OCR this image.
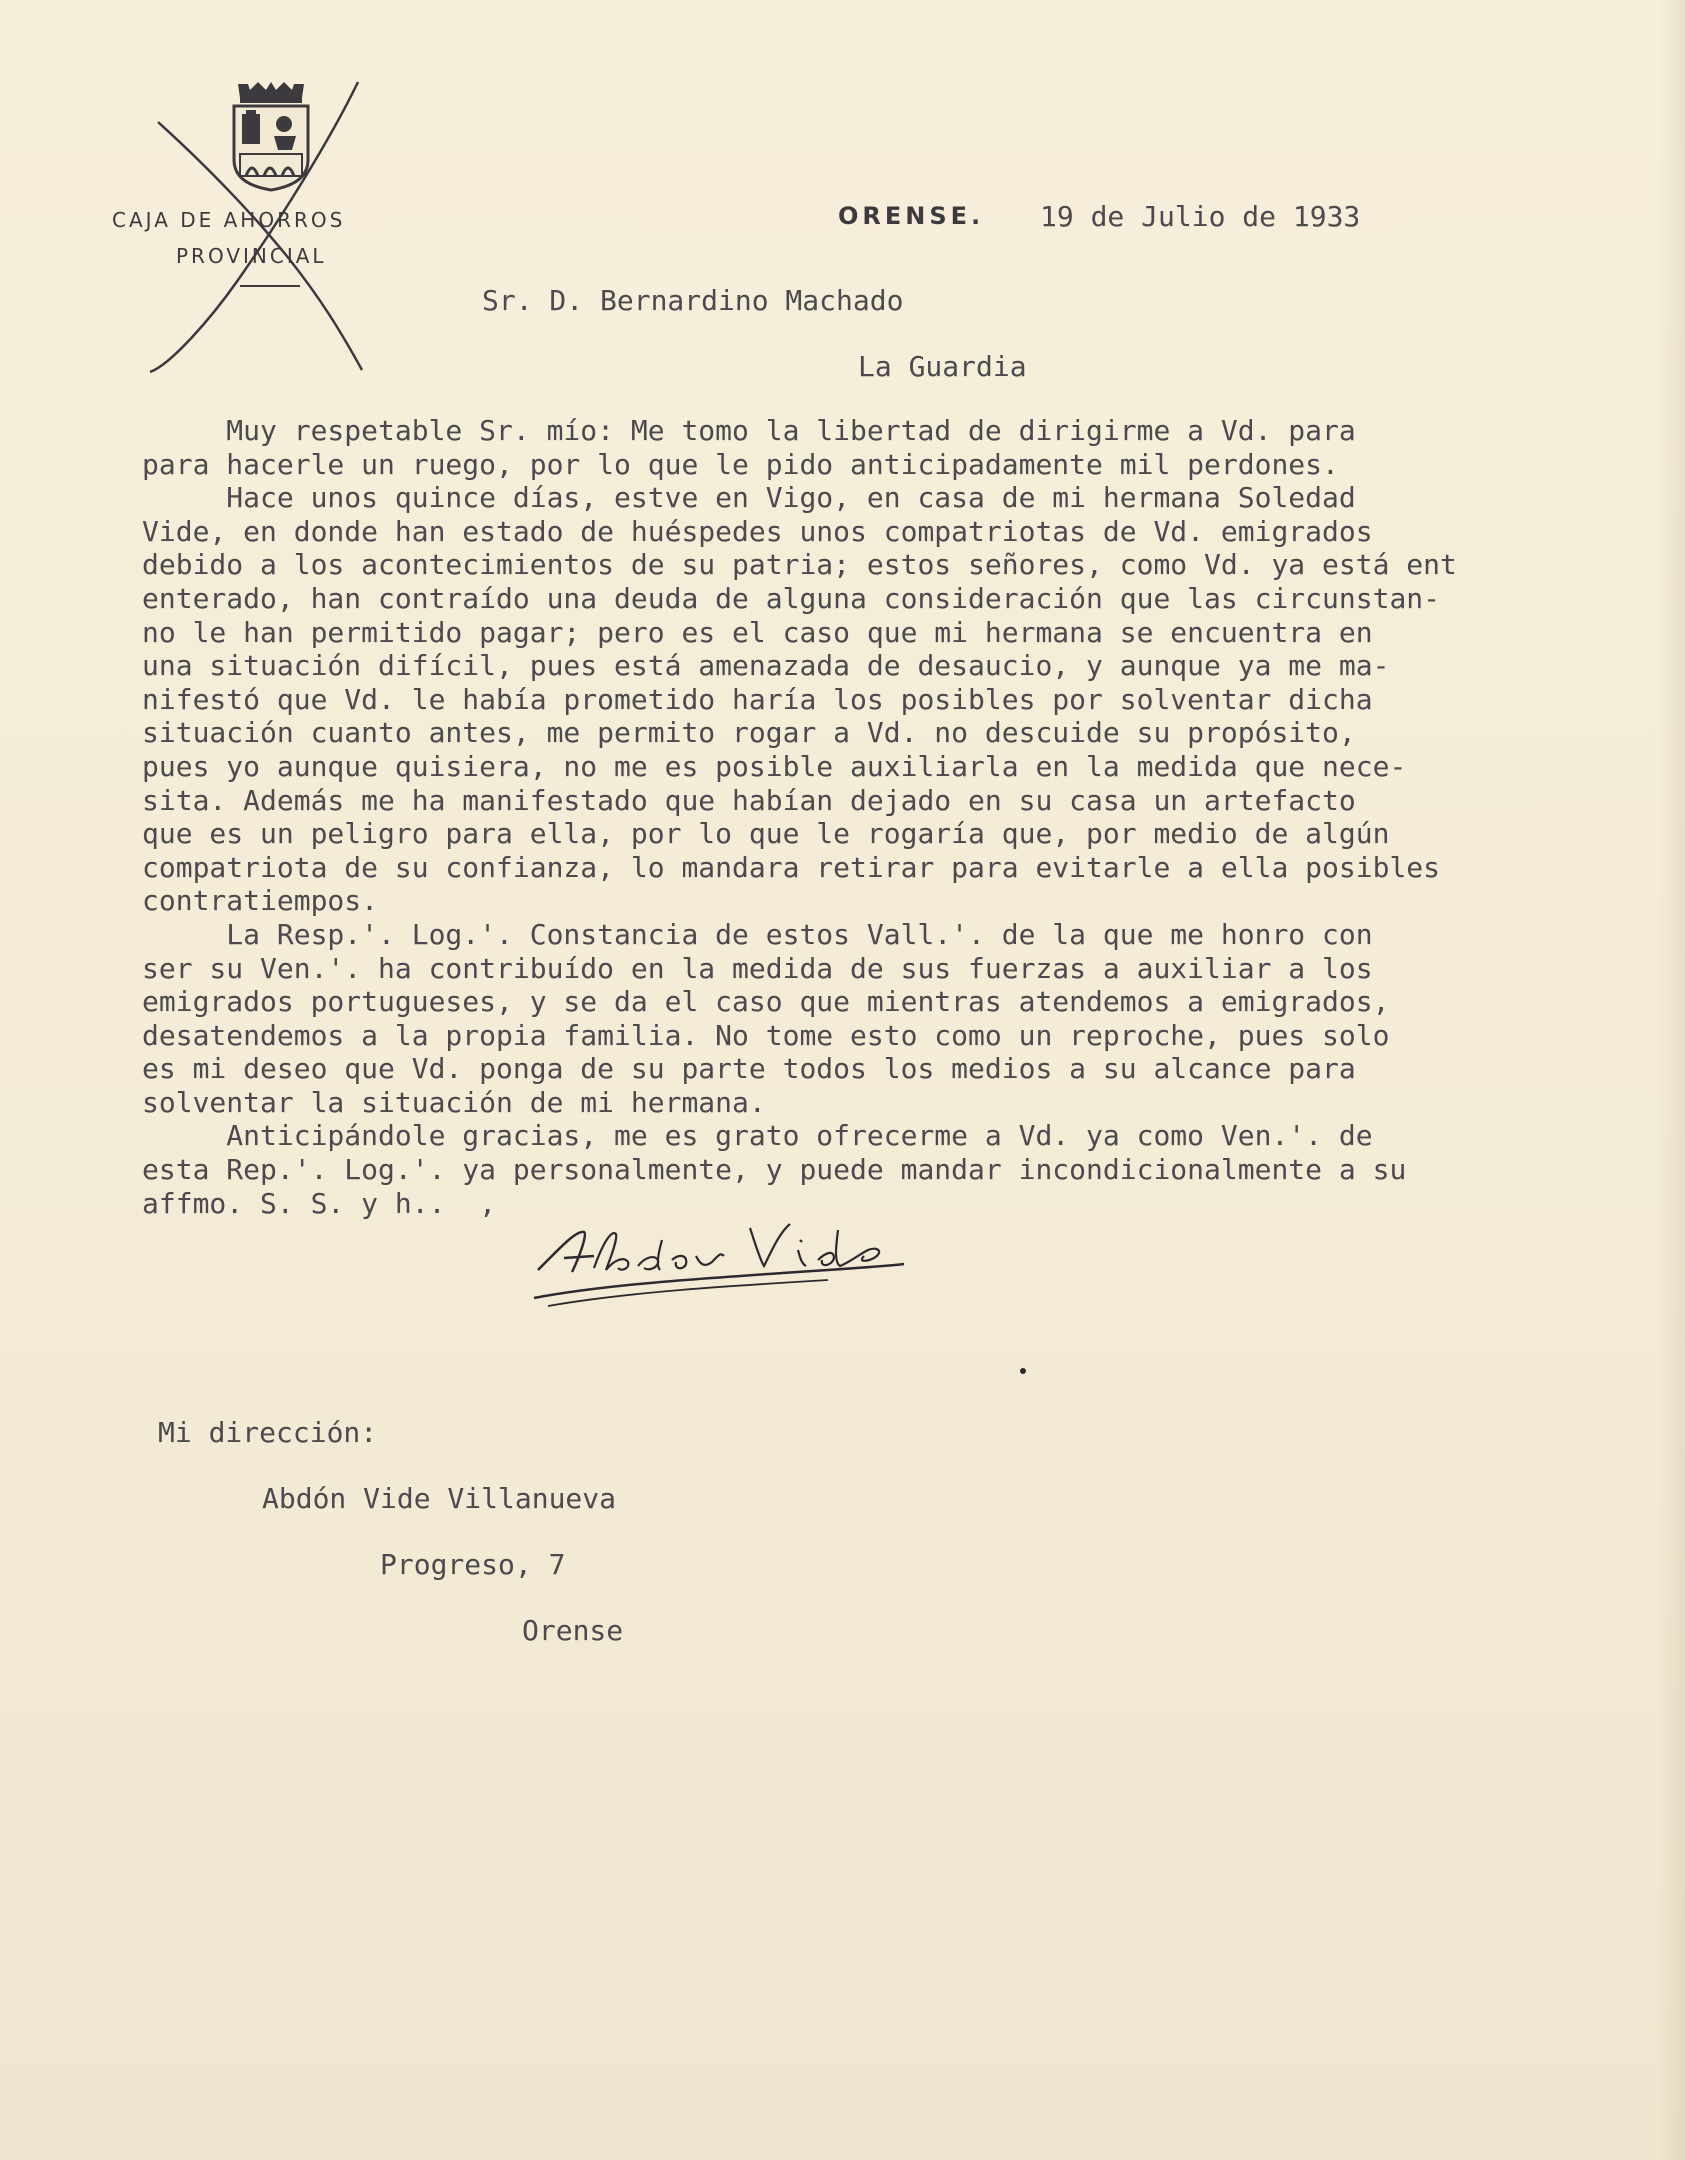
CAJA DE AHORROS
PROVINCIAL
ORENSE. 19 de Julio de 1933
Sr. D. Bernardino Machado
La Guardia
Muy respetable Sr. mío: Me tomo la libertad de dirigirme a Vd. para
para hacerle un ruego, por lo que le pido anticipadamente mil perdones.
Hace unos quince días, estve en Vigo, en casa de mi hermana Soledad
Vide, en donde han estado de huéspedes unos compatriotas de Vd. emigrados
debido a los acontecimientos de su patria; estos señores, como Vd. ya está ent
enterado, han contraído una deuda de alguna consideración que las circunstan-
no le han permitido pagar; pero es el caso que mi hermana se encuentra en
una situación difícil, pues está amenazada de desaucio, y aunque ya me ma-
nifestó que Vd. le había prometido haría los posibles por solventar dicha
situación cuanto antes, me permito rogar a Vd. no descuide su propósito,
pues yo aunque quisiera, no me es posible auxiliarla en la medida que nece-
sita. Además me ha manifestado que habían dejado en su casa un artefacto
que es un peligro para ella, por lo que le rogaría que, por medio de algún
compatriota de su confianza, lo mandara retirar para evitarle a ella posibles
contratiempos.
La Resp.'. Log.'. Constancia de estos Vall.'. de la que me honro con
ser su Ven.'. ha contribuído en la medida de sus fuerzas a auxiliar a los
emigrados portugueses, y se da el caso que mientras atendemos a emigrados,
desatendemos a la propia familia. No tome esto como un reproche, pues solo
es mi deseo que Vd. ponga de su parte todos los medios a su alcance para
solventar la situación de mi hermana.
Anticipándole gracias, me es grato ofrecerme a Vd. ya como Ven.'. de
esta Rep.'. Log.'. ya personalmente, y puede mandar incondicionalmente a su
affmo. S. S. y h..  ,
Mi dirección:
Abdón Vide Villanueva
Progreso, 7
Orense
